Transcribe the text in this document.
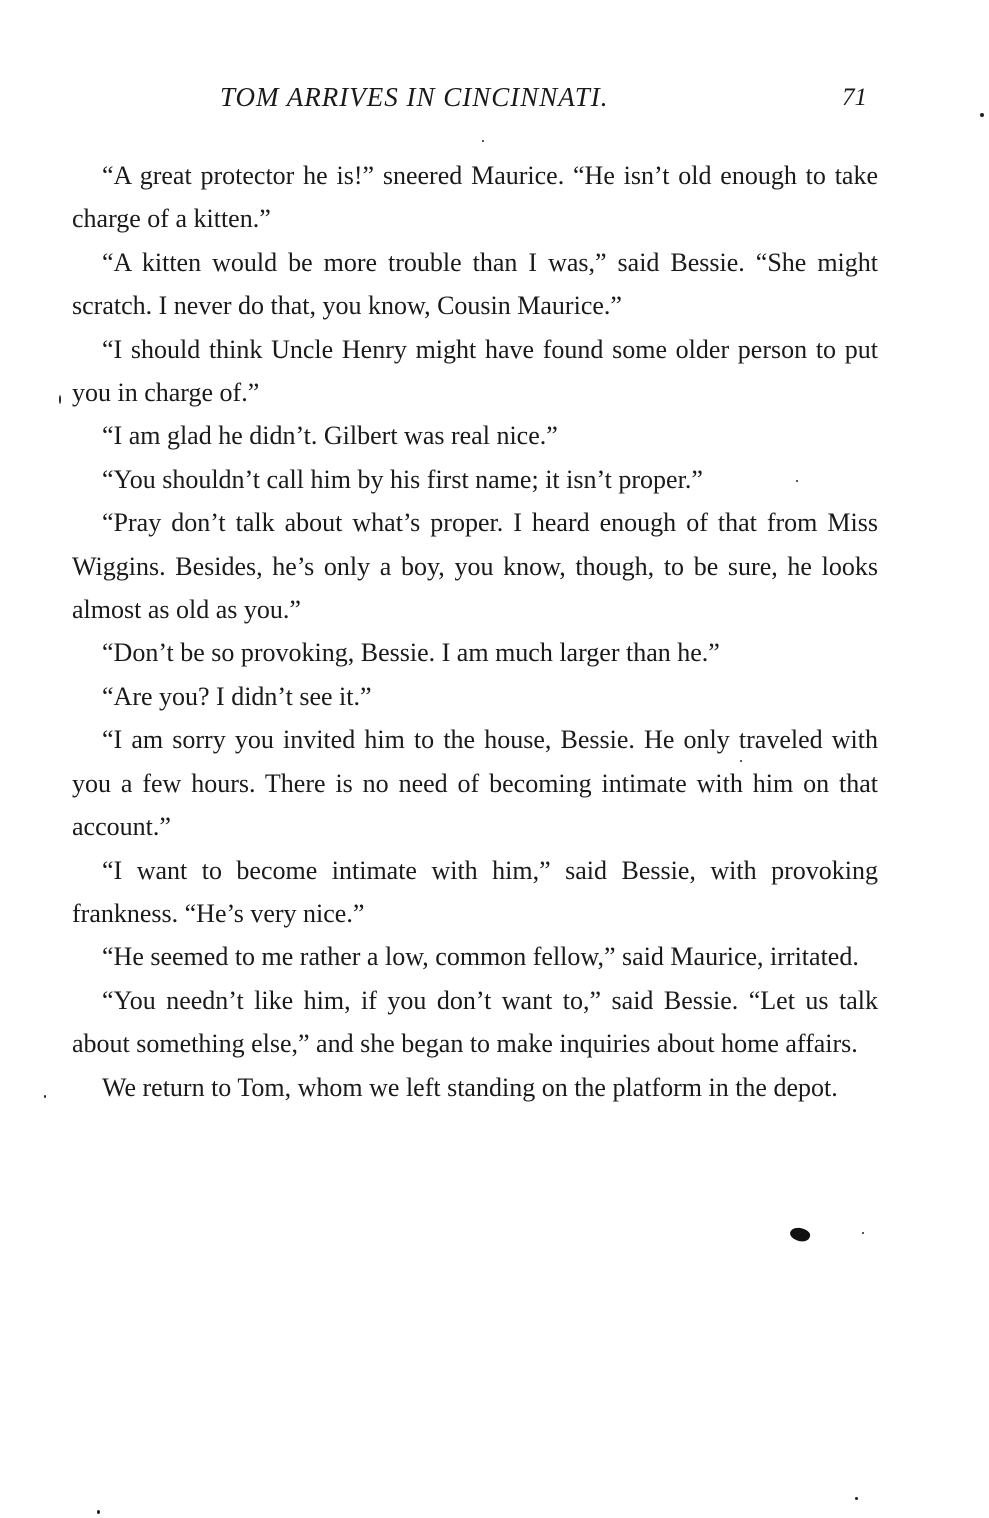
TOM ARRIVES IN CINCINNATI.	71

“A great protector he is!” sneered Maurice. “He isn’t old enough to take charge of a kitten.”

“A kitten would be more trouble than I was,” said Bessie. “She might scratch. I never do that, you know, Cousin Maurice.”

“I should think Uncle Henry might have found some older person to put you in charge of.”

“I am glad he didn’t. Gilbert was real nice.”

“You shouldn’t call him by his first name; it isn’t proper.”

“Pray don’t talk about what’s proper. I heard enough of that from Miss Wiggins. Besides, he’s only a boy, you know, though, to be sure, he looks almost as old as you.”

“Don’t be so provoking, Bessie. I am much larger than he.”

“Are you? I didn’t see it.”

“I am sorry you invited him to the house, Bessie. He only traveled with you a few hours. There is no need of becoming intimate with him on that account.”

“I want to become intimate with him,” said Bessie, with provoking frankness. “He’s very nice.”

“He seemed to me rather a low, common fellow,” said Maurice, irritated.

“You needn’t like him, if you don’t want to,” said Bessie. “Let us talk about something else,” and she began to make inquiries about home affairs.

We return to Tom, whom we left standing on the platform in the depot.
